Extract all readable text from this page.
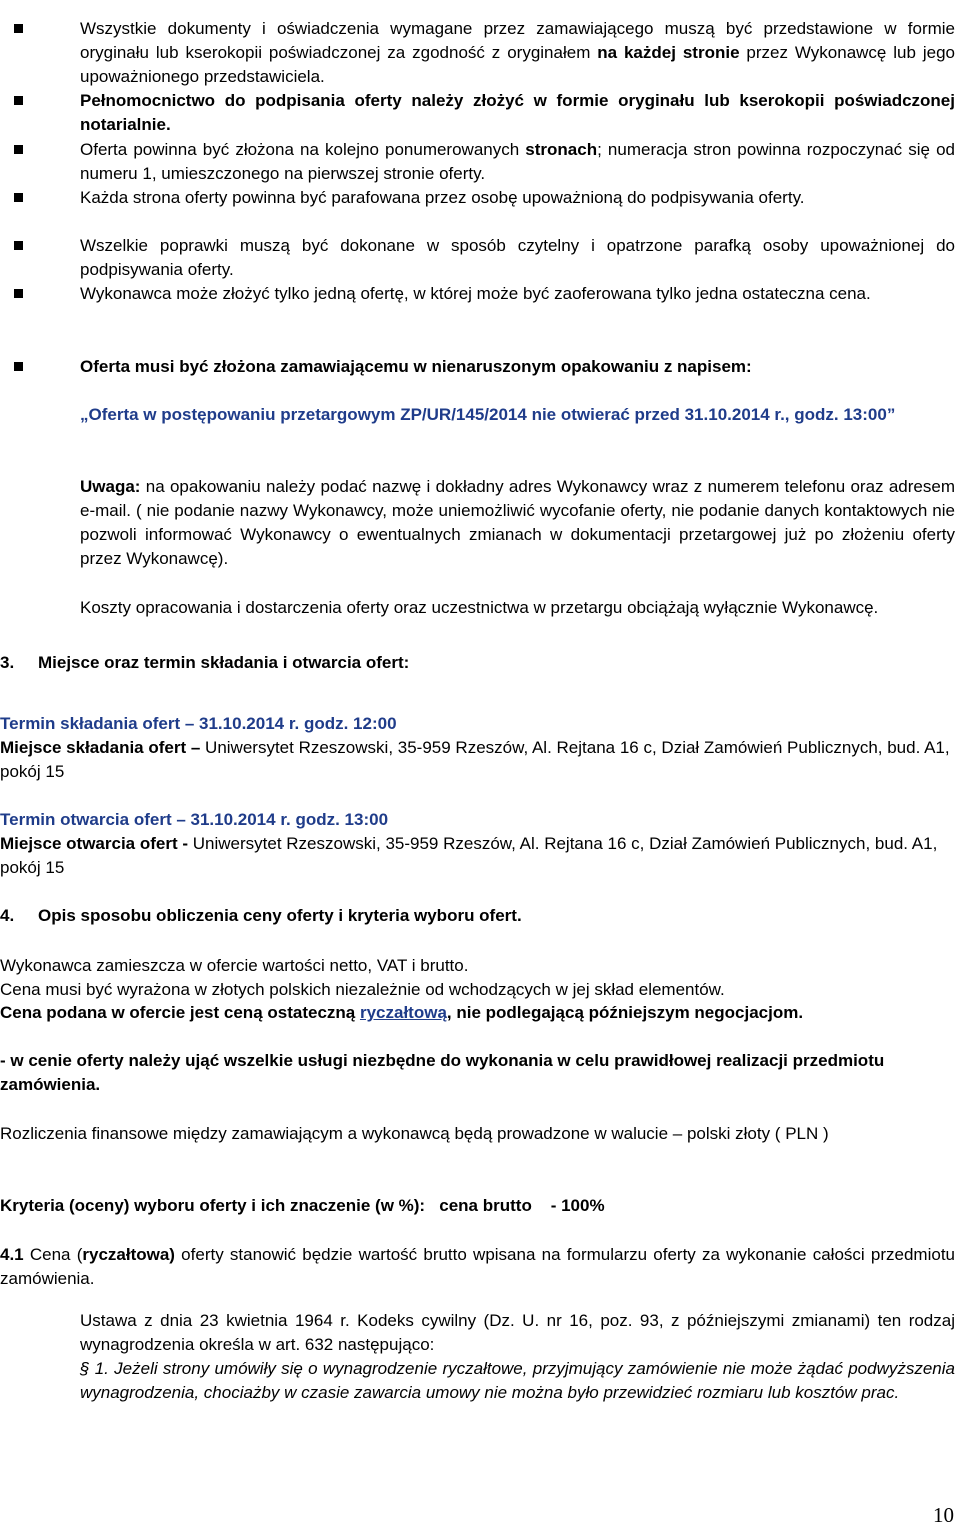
Wszystkie dokumenty i oświadczenia wymagane przez zamawiającego muszą być przedstawione w formie oryginału lub kserokopii poświadczonej za zgodność z oryginałem na każdej stronie przez Wykonawcę lub jego upoważnionego przedstawiciela.

Pełnomocnictwo do podpisania oferty należy złożyć w formie oryginału lub kserokopii poświadczonej notarialnie.

Oferta powinna być złożona na kolejno ponumerowanych stronach; numeracja stron powinna rozpoczynać się od numeru 1, umieszczonego na pierwszej stronie oferty.

Każda strona oferty powinna być parafowana przez osobę upoważnioną do podpisywania oferty.

Wszelkie poprawki muszą być dokonane w sposób czytelny i opatrzone parafką osoby upoważnionej do podpisywania oferty.

Wykonawca może złożyć tylko jedną ofertę, w której może być zaoferowana tylko jedna ostateczna cena.

Oferta musi być złożona zamawiającemu w nienaruszonym opakowaniu z napisem:

„Oferta w postępowaniu przetargowym ZP/UR/145/2014 nie otwierać przed 31.10.2014 r., godz. 13:00”

Uwaga: na opakowaniu należy podać nazwę i dokładny adres Wykonawcy wraz z numerem telefonu oraz adresem e-mail. ( nie podanie nazwy Wykonawcy, może uniemożliwić wycofanie oferty, nie podanie danych kontaktowych nie pozwoli informować Wykonawcy o ewentualnych zmianach w dokumentacji przetargowej już po złożeniu oferty przez Wykonawcę).

Koszty opracowania i dostarczenia oferty oraz uczestnictwa w przetargu obciążają wyłącznie Wykonawcę.

3. Miejsce oraz termin składania i otwarcia ofert:

Termin składania ofert – 31.10.2014 r. godz. 12:00

Miejsce składania ofert – Uniwersytet Rzeszowski, 35-959 Rzeszów, Al. Rejtana 16 c, Dział Zamówień Publicznych, bud. A1, pokój 15

Termin otwarcia ofert – 31.10.2014 r. godz. 13:00

Miejsce otwarcia ofert - Uniwersytet Rzeszowski, 35-959 Rzeszów, Al. Rejtana 16 c, Dział Zamówień Publicznych, bud. A1, pokój 15

4. Opis sposobu obliczenia ceny oferty i kryteria wyboru ofert.

Wykonawca zamieszcza w ofercie wartości netto, VAT i brutto.

Cena musi być wyrażona w złotych polskich niezależnie od wchodzących w jej skład elementów.

Cena podana w ofercie jest ceną ostateczną ryczałtową, nie podlegającą późniejszym negocjacjom.

- w cenie oferty należy ująć wszelkie usługi niezbędne do wykonania w celu prawidłowej realizacji przedmiotu zamówienia.

Rozliczenia finansowe między zamawiającym a wykonawcą będą prowadzone w walucie – polski złoty ( PLN )

Kryteria (oceny) wyboru oferty i ich znaczenie (w %): cena brutto    - 100%

4.1 Cena (ryczałtowa) oferty stanowić będzie wartość brutto wpisana na formularzu oferty za wykonanie całości przedmiotu zamówienia.

Ustawa z dnia 23 kwietnia 1964 r. Kodeks cywilny (Dz. U. nr 16, poz. 93, z późniejszymi zmianami) ten rodzaj wynagrodzenia określa w art. 632 następująco:

§ 1. Jeżeli strony umówiły się o wynagrodzenie ryczałtowe, przyjmujący zamówienie nie może żądać podwyższenia wynagrodzenia, chociażby w czasie zawarcia umowy nie można było przewidzieć rozmiaru lub kosztów prac.

10
